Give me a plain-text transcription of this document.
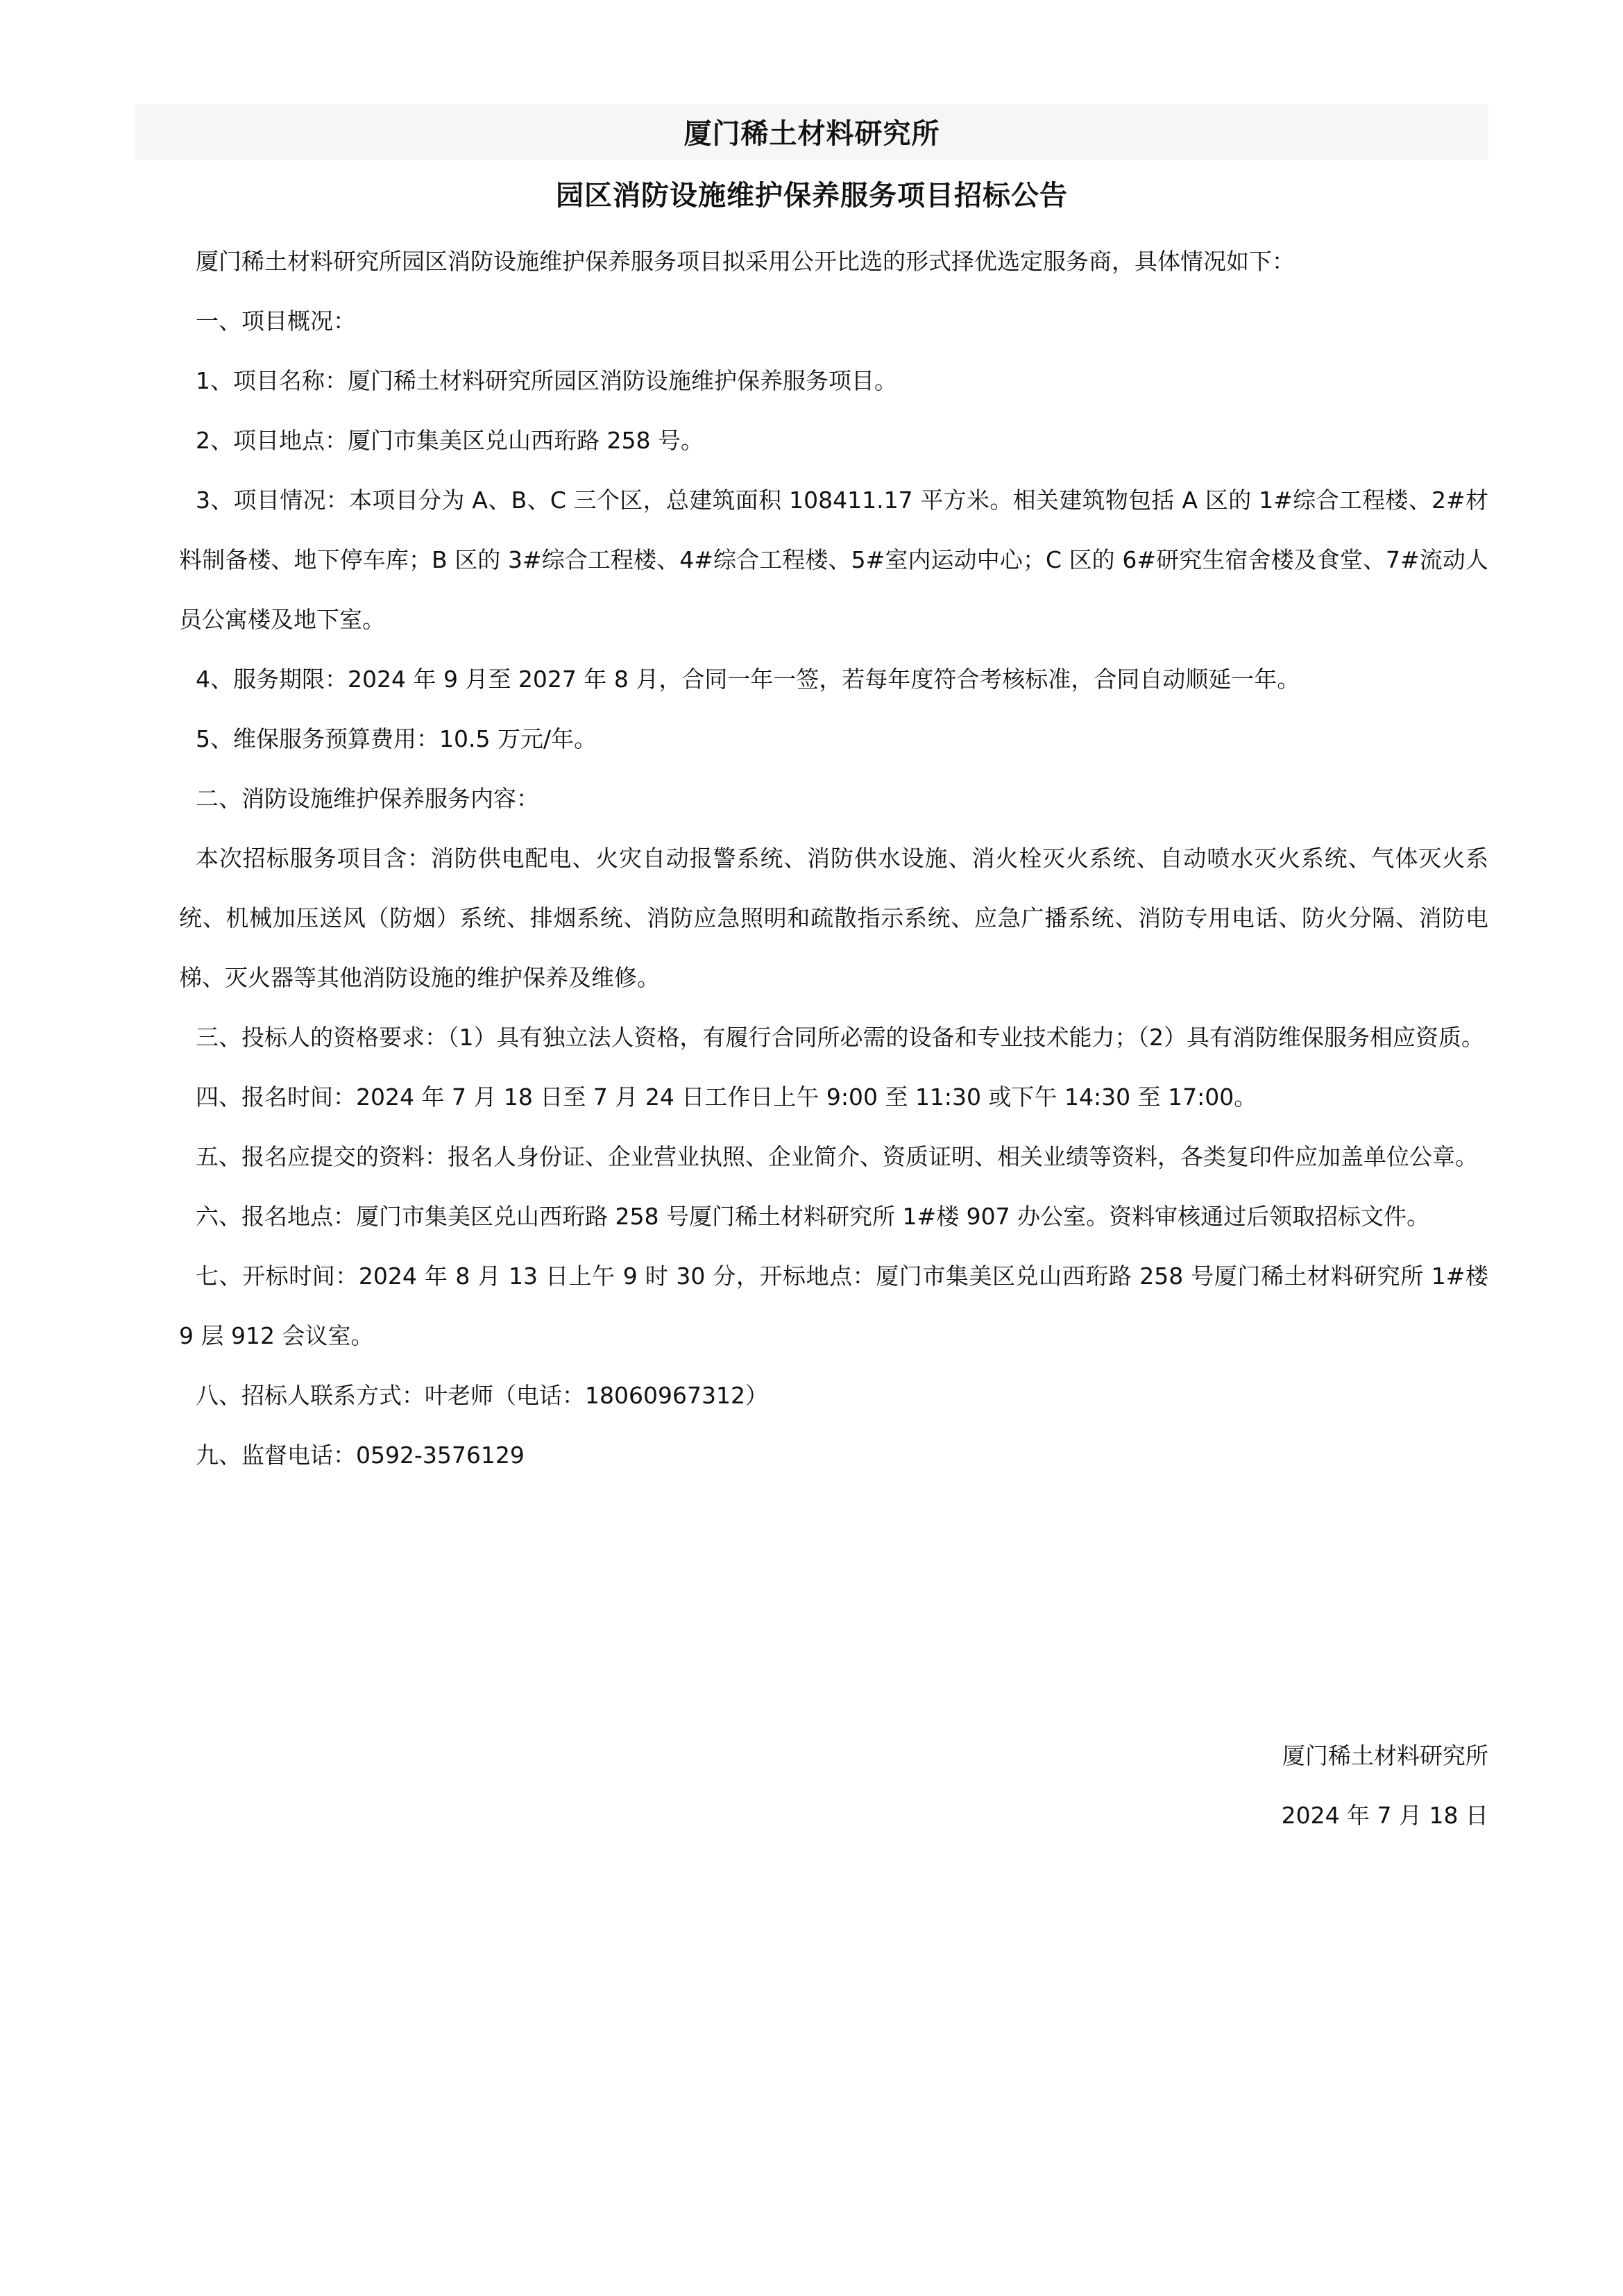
厦门稀土材料研究所
园区消防设施维护保养服务项目招标公告

厦门稀土材料研究所园区消防设施维护保养服务项目拟采用公开比选的形式择优选定服务商，具体情况如下：

一、项目概况：

1、项目名称：厦门稀土材料研究所园区消防设施维护保养服务项目。

2、项目地点：厦门市集美区兑山西珩路 258 号。

3、项目情况：本项目分为 A、B、C 三个区，总建筑面积 108411.17 平方米。相关建筑物包括 A 区的 1#综合工程楼、2#材料制备楼、地下停车库；B 区的 3#综合工程楼、4#综合工程楼、5#室内运动中心；C 区的 6#研究生宿舍楼及食堂、7#流动人员公寓楼及地下室。

4、服务期限：2024 年 9 月至 2027 年 8 月，合同一年一签，若每年度符合考核标准，合同自动顺延一年。

5、维保服务预算费用：10.5 万元/年。

二、消防设施维护保养服务内容：

本次招标服务项目含：消防供电配电、火灾自动报警系统、消防供水设施、消火栓灭火系统、自动喷水灭火系统、气体灭火系统、机械加压送风（防烟）系统、排烟系统、消防应急照明和疏散指示系统、应急广播系统、消防专用电话、防火分隔、消防电梯、灭火器等其他消防设施的维护保养及维修。

三、投标人的资格要求：（1）具有独立法人资格，有履行合同所必需的设备和专业技术能力；（2）具有消防维保服务相应资质。

四、报名时间：2024 年 7 月 18 日至 7 月 24 日工作日上午 9:00 至 11:30 或下午 14:30 至 17:00。

五、报名应提交的资料：报名人身份证、企业营业执照、企业简介、资质证明、相关业绩等资料，各类复印件应加盖单位公章。

六、报名地点：厦门市集美区兑山西珩路 258 号厦门稀土材料研究所 1#楼 907 办公室。资料审核通过后领取招标文件。

七、开标时间：2024 年 8 月 13 日上午 9 时 30 分，开标地点：厦门市集美区兑山西珩路 258 号厦门稀土材料研究所 1#楼 9 层 912 会议室。

八、招标人联系方式：叶老师（电话：18060967312）

九、监督电话：0592-3576129

厦门稀土材料研究所
2024 年 7 月 18 日
